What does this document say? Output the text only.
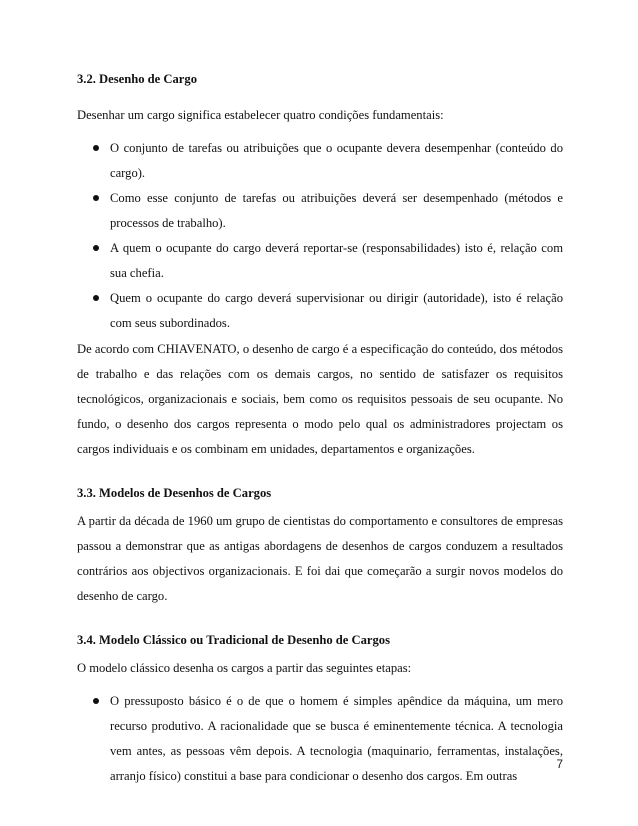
3.2. Desenho de Cargo

Desenhar um cargo significa estabelecer quatro condições fundamentais:

O conjunto de tarefas ou atribuições que o ocupante devera desempenhar (conteúdo do cargo).
Como esse conjunto de tarefas ou atribuições deverá ser desempenhado (métodos e processos de trabalho).
A quem o ocupante do cargo deverá reportar-se (responsabilidades) isto é, relação com sua chefia.
Quem o ocupante do cargo deverá supervisionar ou dirigir (autoridade), isto é relação com seus subordinados.

De acordo com CHIAVENATO, o desenho de cargo é a especificação do conteúdo, dos métodos de trabalho e das relações com os demais cargos, no sentido de satisfazer os requisitos tecnológicos, organizacionais e sociais, bem como os requisitos pessoais de seu ocupante. No fundo, o desenho dos cargos representa o modo pelo qual os administradores projectam os cargos individuais e os combinam em unidades, departamentos e organizações.

3.3. Modelos de Desenhos de Cargos

A partir da década de 1960 um grupo de cientistas do comportamento e consultores de empresas passou a demonstrar que as antigas abordagens de desenhos de cargos conduzem a resultados contrários aos objectivos organizacionais. E foi dai que começarão a surgir novos modelos do desenho de cargo.

3.4. Modelo Clássico ou Tradicional de Desenho de Cargos

O modelo clássico desenha os cargos a partir das seguintes etapas:

O pressuposto básico é o de que o homem é simples apêndice da máquina, um mero recurso produtivo. A racionalidade que se busca é eminentemente técnica. A tecnologia vem antes, as pessoas vêm depois. A tecnologia (maquinario, ferramentas, instalações, arranjo físico) constitui a base para condicionar o desenho dos cargos. Em outras
7
